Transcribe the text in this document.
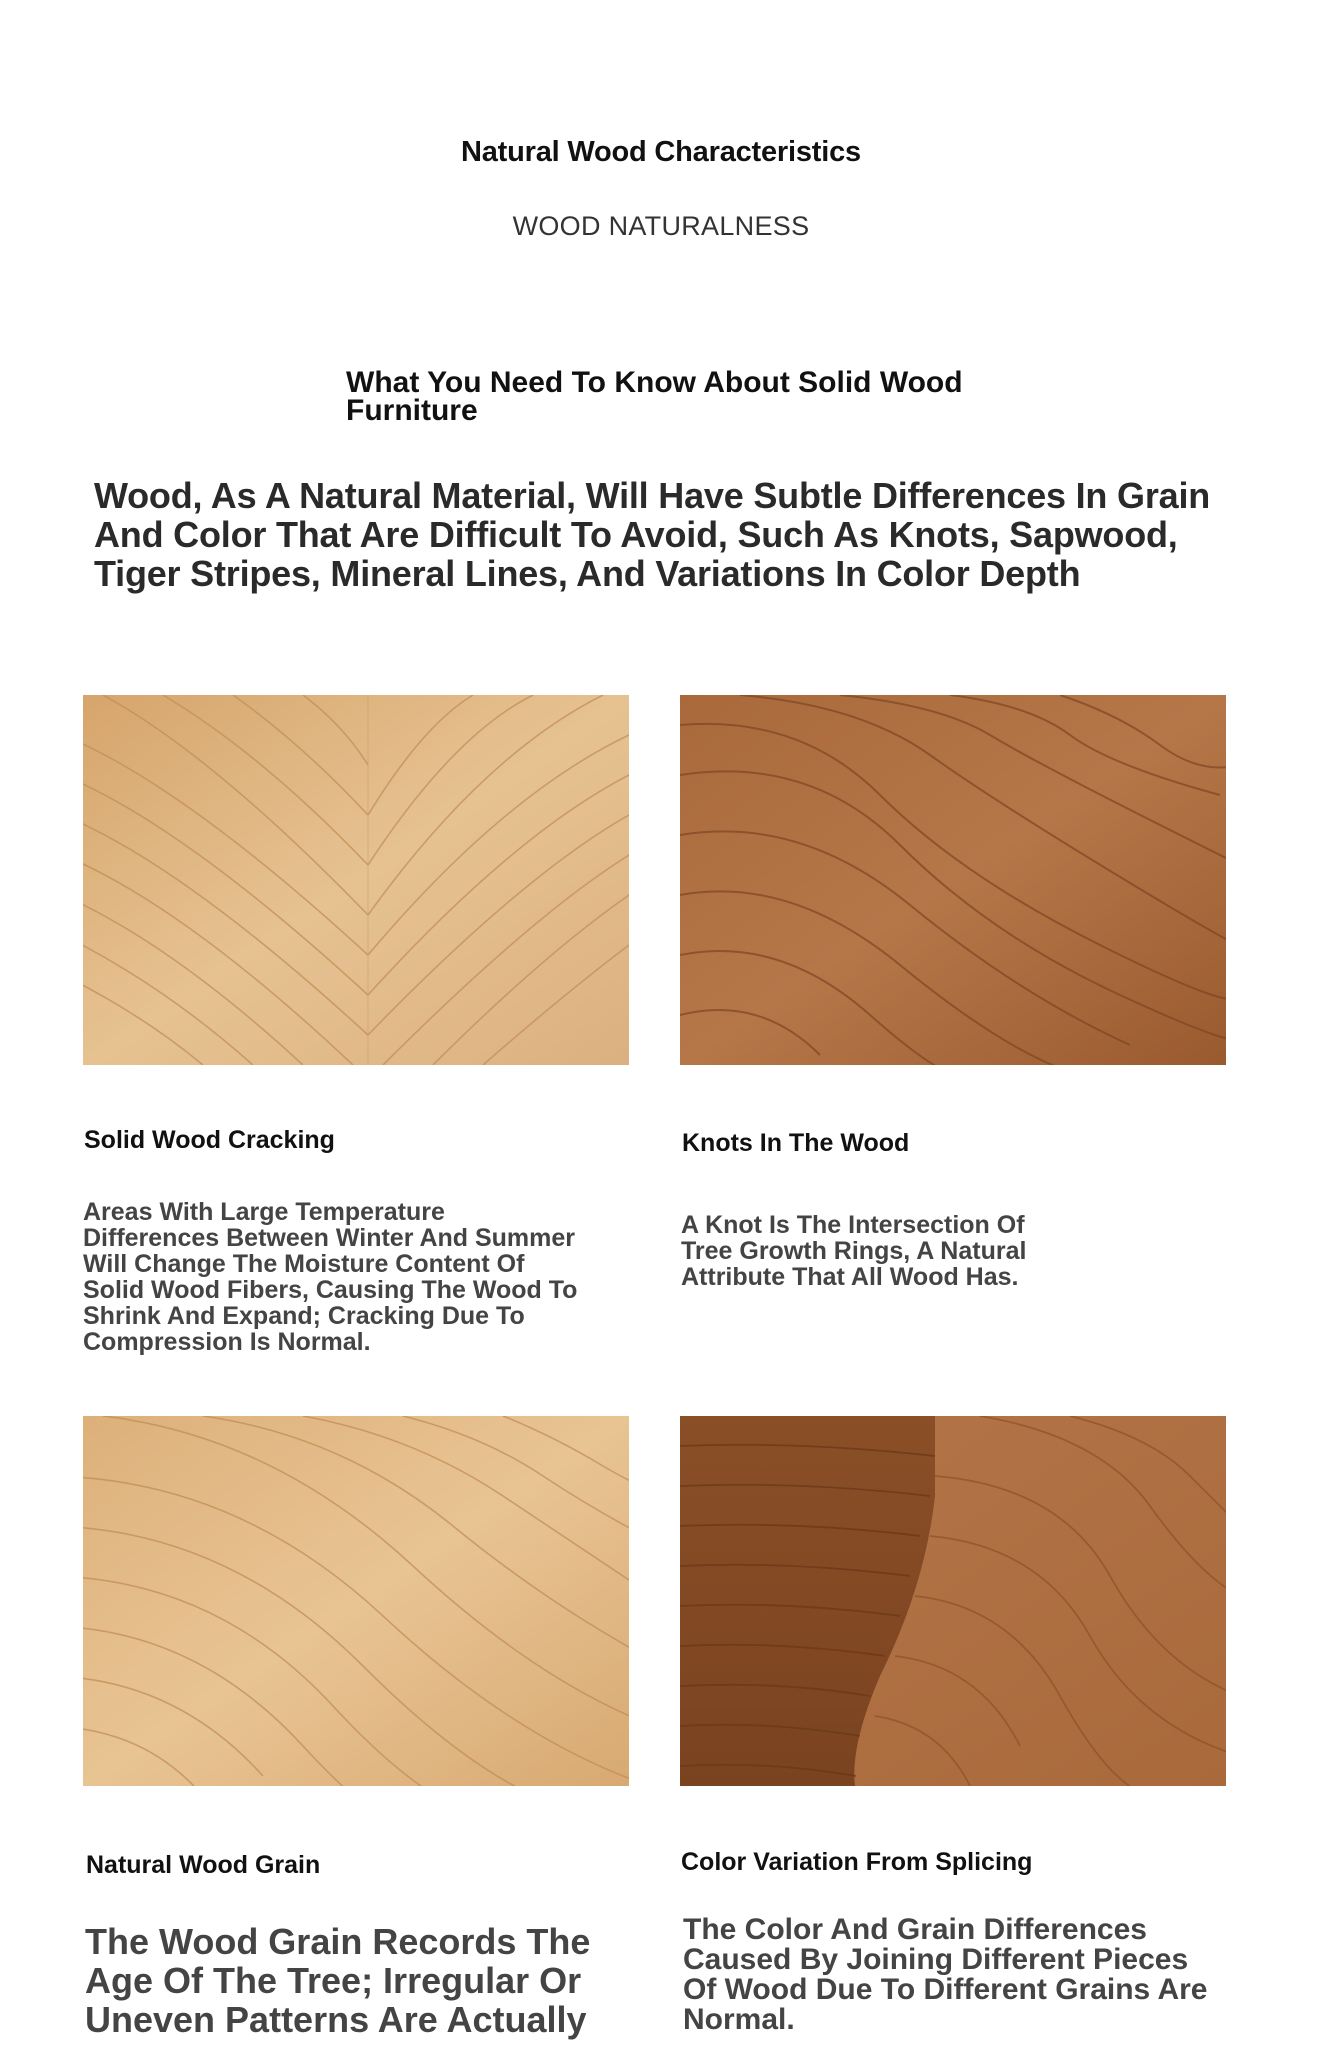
Natural Wood Characteristics
WOOD NATURALNESS
What You Need To Know About Solid Wood Furniture
Wood, As A Natural Material, Will Have Subtle Differences In Grain And Color That Are Difficult To Avoid, Such As Knots, Sapwood, Tiger Stripes, Mineral Lines, And Variations In Color Depth
Solid Wood Cracking
Areas With Large Temperature Differences Between Winter And Summer Will Change The Moisture Content Of Solid Wood Fibers, Causing The Wood To Shrink And Expand; Cracking Due To Compression Is Normal.
Knots In The Wood
A Knot Is The Intersection Of Tree Growth Rings, A Natural Attribute That All Wood Has.
Natural Wood Grain
The Wood Grain Records The Age Of The Tree; Irregular Or Uneven Patterns Are Actually
Color Variation From Splicing
The Color And Grain Differences Caused By Joining Different Pieces Of Wood Due To Different Grains Are Normal.
